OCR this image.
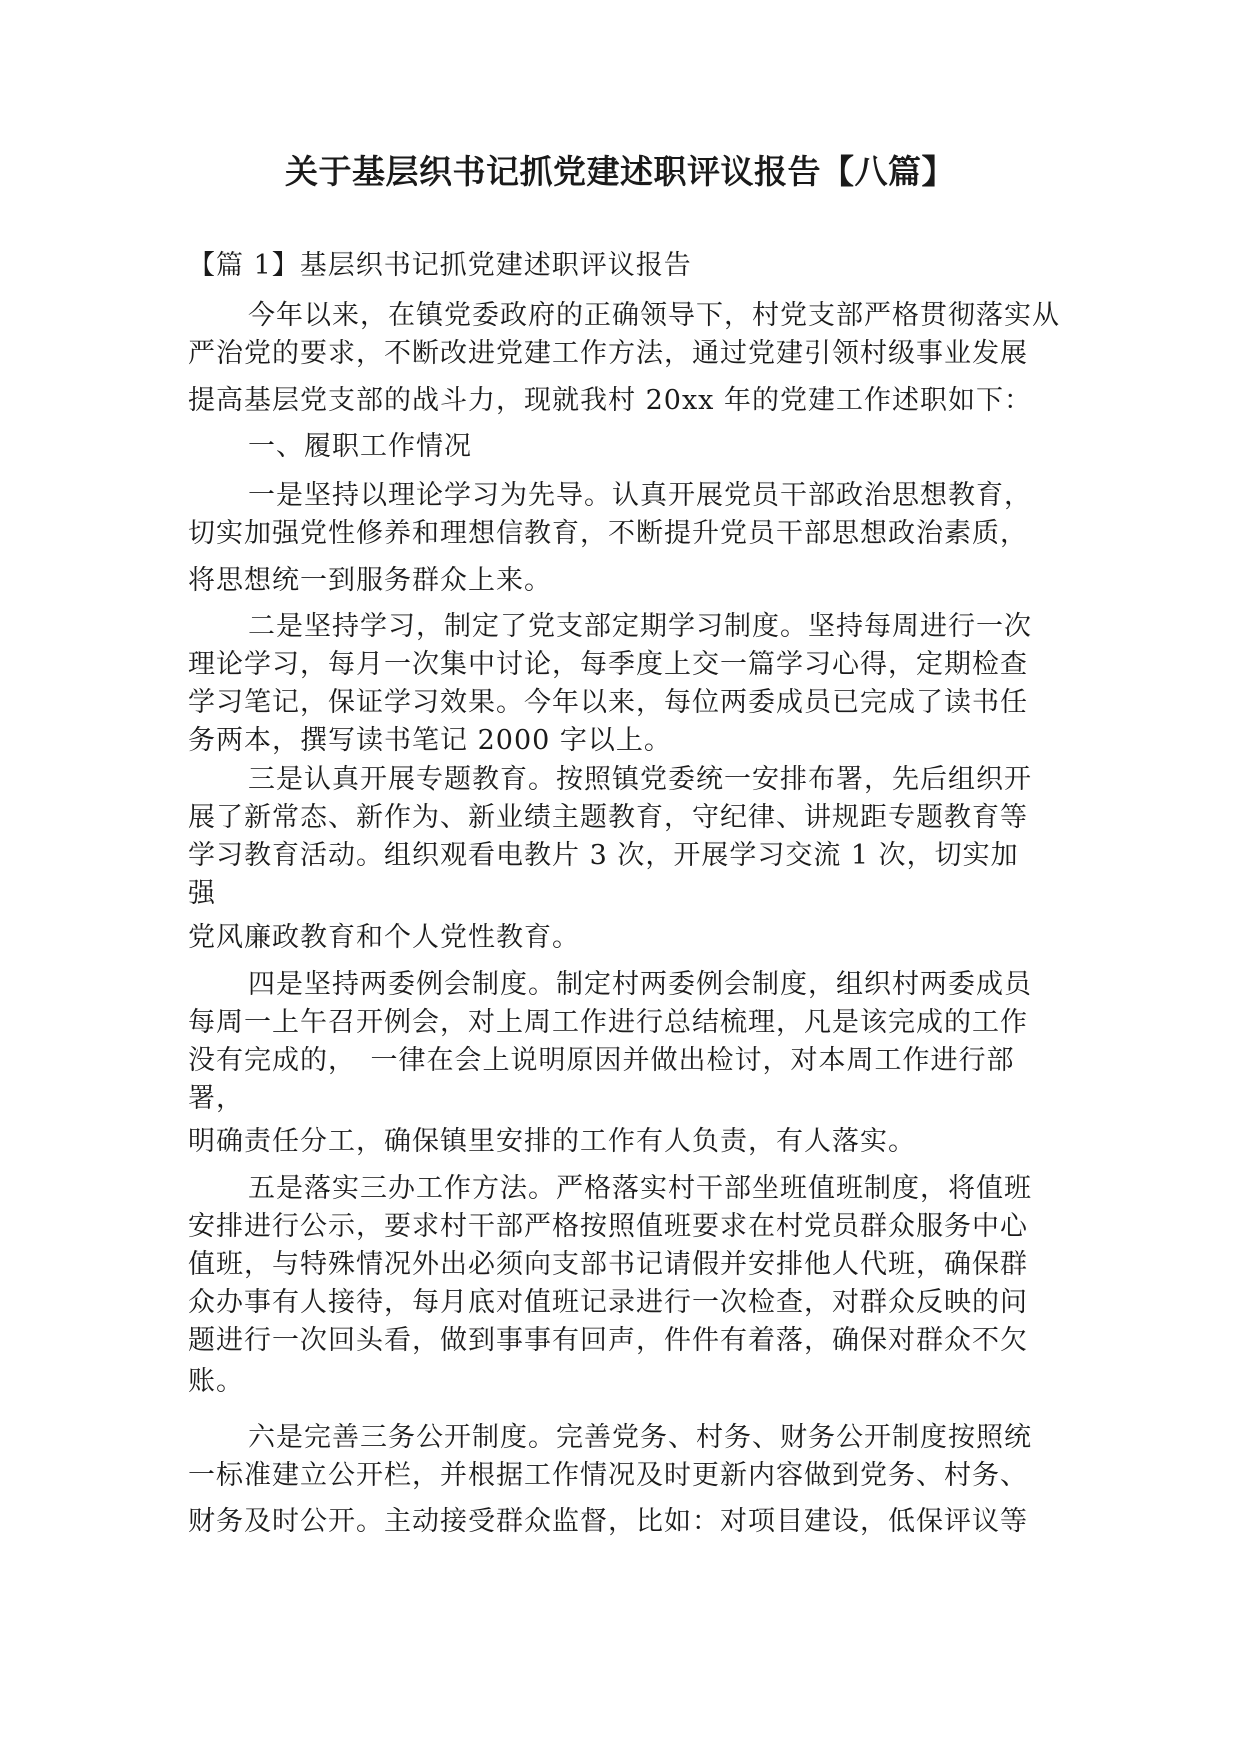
关于基层织书记抓党建述职评议报告【八篇】
【篇 1】基层织书记抓党建述职评议报告
今年以来，在镇党委政府的正确领导下，村党支部严格贯彻落实从
严治党的要求，不断改进党建工作方法，通过党建引领村级事业发展
提高基层党支部的战斗力，现就我村 20xx 年的党建工作述职如下：
一、履职工作情况
一是坚持以理论学习为先导。认真开展党员干部政治思想教育，
切实加强党性修养和理想信教育，不断提升党员干部思想政治素质，
将思想统一到服务群众上来。
二是坚持学习，制定了党支部定期学习制度。坚持每周进行一次
理论学习，每月一次集中讨论，每季度上交一篇学习心得，定期检查
学习笔记，保证学习效果。今年以来，每位两委成员已完成了读书任
务两本，撰写读书笔记 2000 字以上。
三是认真开展专题教育。按照镇党委统一安排布署，先后组织开
展了新常态、新作为、新业绩主题教育，守纪律、讲规距专题教育等
学习教育活动。组织观看电教片 3 次，开展学习交流 1 次，切实加
强
党风廉政教育和个人党性教育。
四是坚持两委例会制度。制定村两委例会制度，组织村两委成员
每周一上午召开例会，对上周工作进行总结梳理，凡是该完成的工作
没有完成的，　一律在会上说明原因并做出检讨，对本周工作进行部
署，
明确责任分工，确保镇里安排的工作有人负责，有人落实。
五是落实三办工作方法。严格落实村干部坐班值班制度，将值班
安排进行公示，要求村干部严格按照值班要求在村党员群众服务中心
值班，与特殊情况外出必须向支部书记请假并安排他人代班，确保群
众办事有人接待，每月底对值班记录进行一次检查，对群众反映的问
题进行一次回头看，做到事事有回声，件件有着落，确保对群众不欠
账。
六是完善三务公开制度。完善党务、村务、财务公开制度按照统
一标准建立公开栏，并根据工作情况及时更新内容做到党务、村务、
财务及时公开。主动接受群众监督，比如：对项目建设，低保评议等
